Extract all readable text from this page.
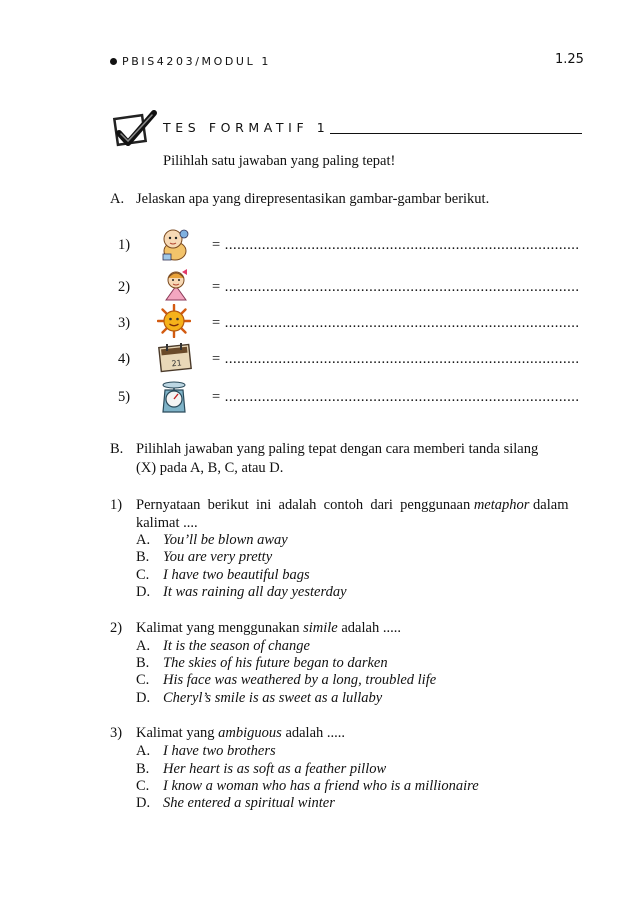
PBIS4203/MODUL 1	1.25
TES FORMATIF 1
Pilihlah satu jawaban yang paling tepat!
A. Jelaskan apa yang direpresentasikan gambar-gambar berikut.
1)	= ......................................................................................
2)	= ......................................................................................
3)	= ......................................................................................
4)	21 = ......................................................................................
5)	= ......................................................................................
B. Pilihlah jawaban yang paling tepat dengan cara memberi tanda silang
(X) pada A, B, C, atau D.
1) Pernyataan  berikut  ini  adalah  contoh  dari  penggunaan metaphor dalam
kalimat ....
A. You’ll be blown away
B. You are very pretty
C. I have two beautiful bags
D. It was raining all day yesterday
2) Kalimat yang menggunakan simile adalah .....
A. It is the season of change
B. The skies of his future began to darken
C. His face was weathered by a long, troubled life
D. Cheryl’s smile is as sweet as a lullaby
3) Kalimat yang ambiguous adalah .....
A. I have two brothers
B. Her heart is as soft as a feather pillow
C. I know a woman who has a friend who is a millionaire
D. She entered a spiritual winter
